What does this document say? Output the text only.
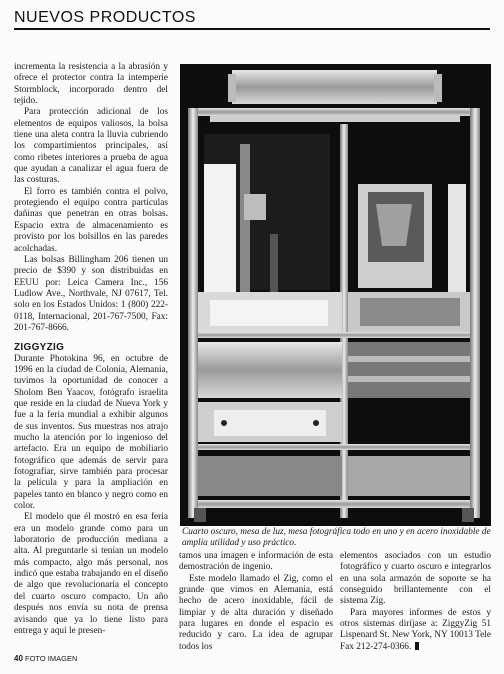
NUEVOS PRODUCTOS

incrementa la resistencia a la abrasión y ofrece el protector contra la intemperie Stormblock, incorporado dentro del tejido.

Para protección adicional de los elementos de equipos valiosos, la bolsa tiene una aleta contra la lluvia cubriendo los compartimientos principales, así como ribetes interiores a prueba de agua que ayudan a canalizar el agua fuera de las costuras.

El forro es también contra el polvo, protegiendo el equipo contra partículas dañinas que penetran en otras bolsas. Espacio extra de almacenamiento es provisto por los bolsillos en las paredes acolchadas.

Las bolsas Billingham 206 tienen un precio de $390 y son distribuidas en EEUU por: Leica Camera Inc., 156 Ludlow Ave., Northvale, NJ 07617, Tel. solo en los Estados Unidos: 1 (800) 222-0118, Internacional, 201-767-7500, Fax: 201-767-8666.

ZIGGYZIG

Durante Photokina 96, en octubre de 1996 en la ciudad de Colonia, Alemania, tuvimos la oportunidad de conocer a Sholom Ben Yaacov, fotógrafo israelita que reside en la ciudad de Nueva York y fue a la feria mundial a exhibir algunos de sus inventos. Sus muestras nos atrajo mucho la atención por lo ingenioso del artefacto. Era un equipo de mobiliario fotográfico que además de servir para fotografiar, sirve también para procesar la película y para la ampliación en papeles tanto en blanco y negro como en color.

El modelo que él mostró en esa feria era un modelo grande como para un laboratorio de producción mediana a alta. Al preguntarle si tenían un modelo más compacto, algo más personal, nos indicó que estaba trabajando en el diseño de algo que revolucionaría el concepto del cuarto oscuro compacto. Un año después nos envía su nota de prensa avisando que ya lo tiene listo para entrega y aquí le presen-

Cuarto oscuro, mesa de luz, mesa fotográfica todo en uno y en acero inoxidable de amplia utilidad y uso práctico.

tamos una imagen e información de esta demostración de ingenio.

Este modelo llamado el Zig, como el grande que vimos en Alemania, está hecho de acero inoxidable, fácil de limpiar y de alta duración y diseñado para lugares en donde el espacio es reducido y caro. La idea de agrupar todos los

elementos asociados con un estudio fotográfico y cuarto oscuro e integrarlos en una sola armazón de soporte se ha conseguido brillantemente con el sistema Zig.

Para mayores informes de estos y otros sistemas diríjase a: ZiggyZig 51 Lispenard St. New York, NY 10013 Tele Fax 212-274-0366.

40 FOTO IMAGEN
